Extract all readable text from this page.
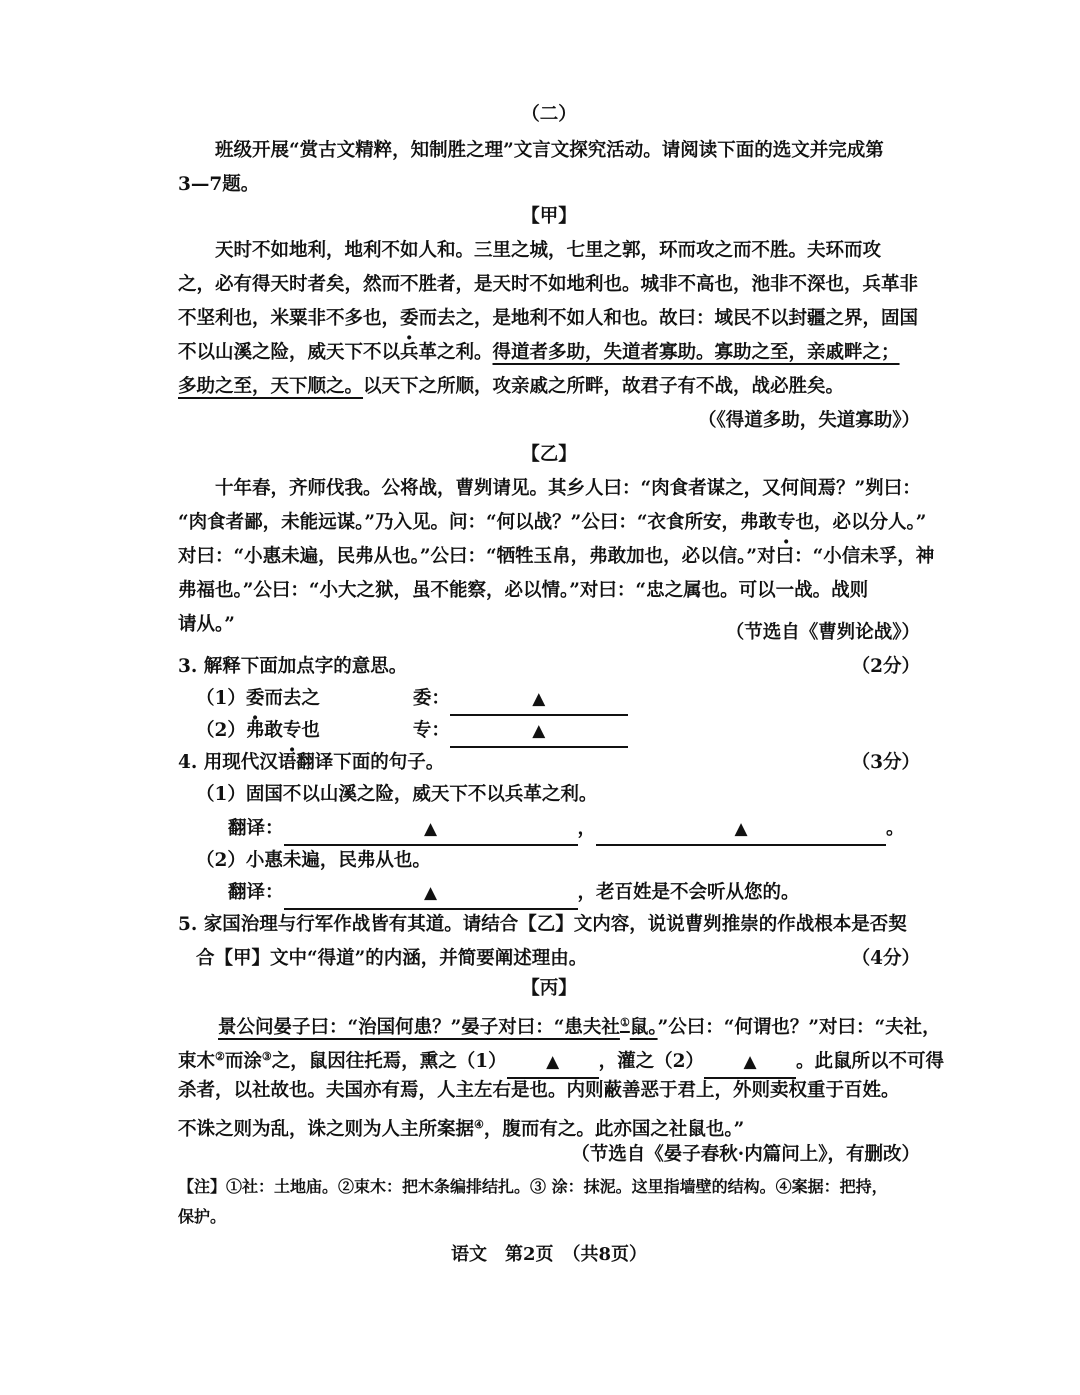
（二）
班级开展“赏古文精粹，知制胜之理”文言文探究活动。请阅读下面的选文并完成第
3—7题。
【甲】
天时不如地利，地利不如人和。三里之城，七里之郭，环而攻之而不胜。夫环而攻
之，必有得天时者矣，然而不胜者，是天时不如地利也。城非不高也，池非不深也，兵革非
不坚利也，米粟非不多也，委而去之，是地利不如人和也。故曰：域民不以封疆之界，固国
不以山溪之险，威天下不以兵革之利。得道者多助，失道者寡助。寡助之至，亲戚畔之；
多助之至，天下顺之。以天下之所顺，攻亲戚之所畔，故君子有不战，战必胜矣。
（《得道多助，失道寡助》）
【乙】
十年春，齐师伐我。公将战，曹刿请见。其乡人曰：“肉食者谋之，又何间焉？”刿曰：
“肉食者鄙，未能远谋。”乃入见。问：“何以战？”公曰：“衣食所安，弗敢专也，必以分人。”
对曰：“小惠未遍，民弗从也。”公曰：“牺牲玉帛，弗敢加也，必以信。”对曰：“小信未孚，神
弗福也。”公曰：“小大之狱，虽不能察，必以情。”对曰：“忠之属也。可以一战。战则
请从。”	（节选自《曹刿论战》）
3. 解释下面加点字的意思。	（2分）
（1）委而去之	委：	▲
（2）弗敢专也	专：	▲
4. 用现代汉语翻译下面的句子。	（3分）
（1）固国不以山溪之险，威天下不以兵革之利。
翻译：	▲	，	▲	。
（2）小惠未遍，民弗从也。
翻译：	▲	，老百姓是不会听从您的。
5. 家国治理与行军作战皆有其道。请结合【乙】文内容，说说曹刿推崇的作战根本是否契
合【甲】文中“得道”的内涵，并简要阐述理由。	（4分）
【丙】
景公问晏子曰：“治国何患？”晏子对曰：“患夫社①鼠。”公曰：“何谓也？”对曰：“夫社，
束木②而涂③之，鼠因往托焉，熏之（1） ▲ ，灌之（2） ▲ 。此鼠所以不可得
杀者，以社故也。夫国亦有焉，人主左右是也。内则蔽善恶于君上，外则卖权重于百姓。
不诛之则为乱，诛之则为人主所案据④，腹而有之。此亦国之社鼠也。”
（节选自《晏子春秋·内篇问上》，有删改）
【注】①社：土地庙。②束木：把木条编排结扎。③ 涂：抹泥。这里指墙壁的结构。④案据：把持，
保护。
语文　第2页　（共8页）
